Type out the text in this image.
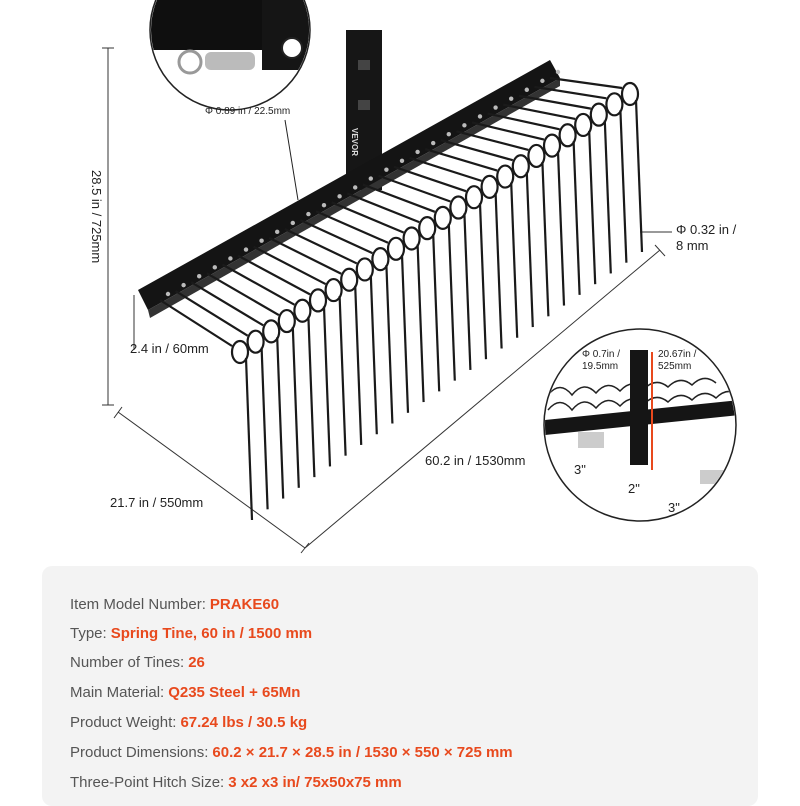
VEVOR
28.5 in / 725mm
2.4 in / 60mm
21.7 in / 550mm
60.2 in / 1530mm
Φ 0.32 in /
8 mm
Φ 0.89 in / 22.5mm
Φ 0.7in /
19.5mm
20.67in /
525mm
3"
2"
3"
Item Model Number: PRAKE60
Type: Spring Tine, 60 in / 1500 mm
Number of Tines: 26
Main Material: Q235 Steel + 65Mn
Product Weight: 67.24 lbs / 30.5 kg
Product Dimensions: 60.2 × 21.7 × 28.5 in / 1530 × 550 × 725 mm
Three-Point Hitch Size: 3 x2 x3 in/ 75x50x75 mm
